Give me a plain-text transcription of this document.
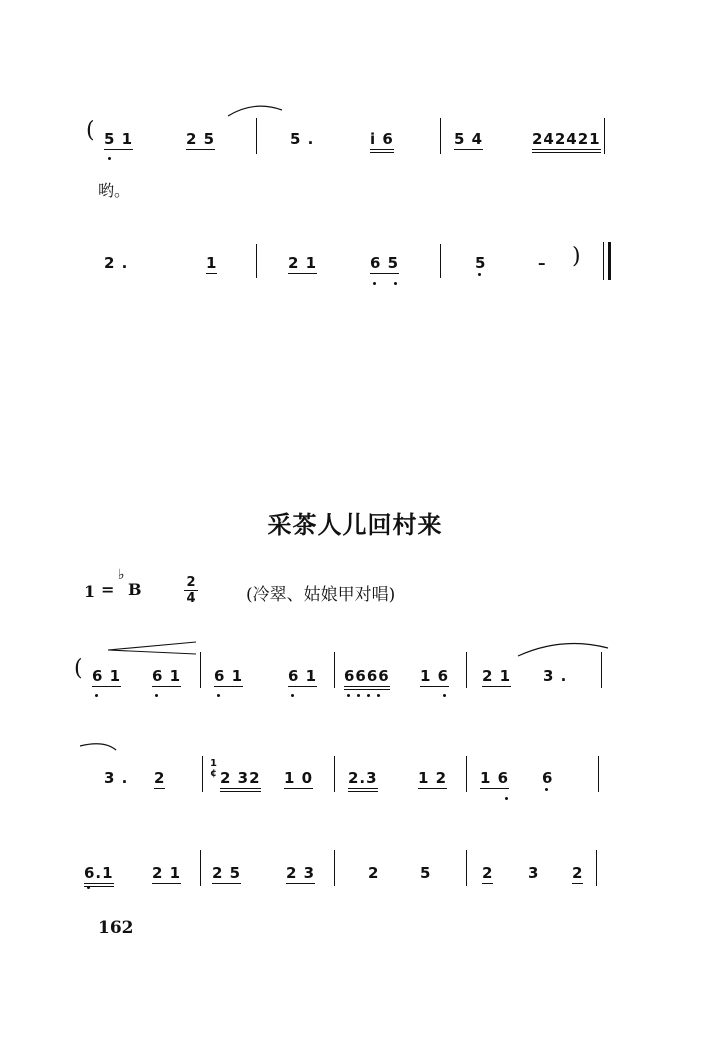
( 5 1	2 5	5 .	i 6	5 4	242421
哟。
2 .	1	2 1	6 5	5	– )
采茶人儿回村来
1 =
♭
B	$\frac{2}{4}$	(冷翠、姑娘甲对唱)
( 6 1 6 1 6 1	6 1 6666 1 6 2 1 3 .
3 . 2
1
¢ 2 32 1 0 2.3	1 2 1 6 6
6.1	2 1 2 5	2 3	2	5	2 3 2
162
